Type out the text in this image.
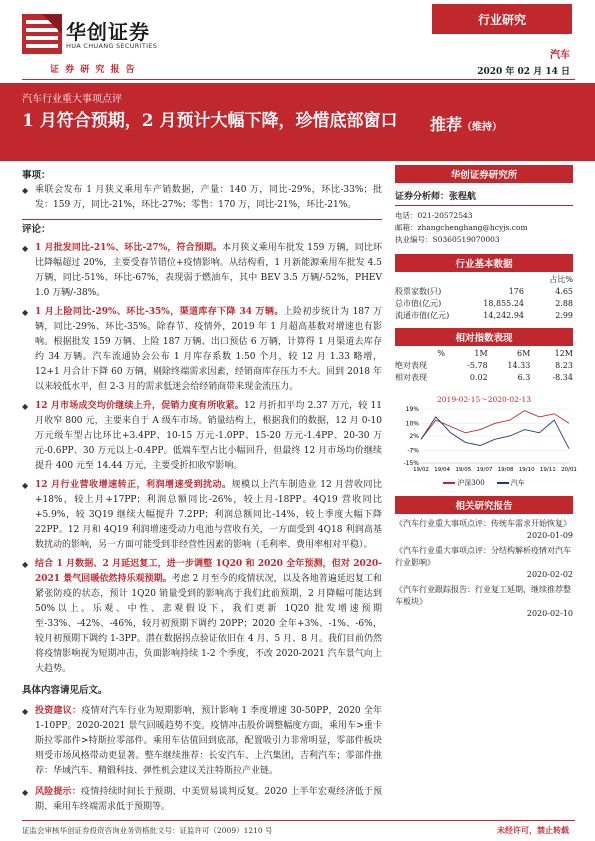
华创证券
HUA CHUANG SECURITIES
证 券 研 究 报 告
行业研究
汽车
2020 年 02 月 14 日
汽车行业重大事项点评
1 月符合预期，2 月预计大幅下降，珍惜底部窗口 推荐（维持）
事项：
◆ 乘联会发布 1 月狭义乘用车产销数据，产量：140 万，同比-29%，环比-33%；批发：159 万，同比-21%，环比-27%；零售：170 万，同比-21%，环比-21%。
评论：
◆ 1 月批发同比-21%、环比-27%，符合预期。本月狭义乘用车批发 159 万辆，同比环比降幅超过 20%，主要受春节错位+疫情影响。从结构看，1 月新能源乘用车批发 4.5 万辆，同比-51%、环比-67%，表现弱于燃油车，其中 BEV 3.5 万辆/-52%，PHEV 1.0 万辆/-38%。
◆ 1 月上险同比-29%、环比-35%，渠道库存下降 34 万辆。上险初步统计为 187 万辆，同比-29%、环比-35%。除春节、疫情外，2019 年 1 月超高基数对增速也有影响。根据批发 159 万辆、上险 187 万辆、出口预估 6 万辆，计算得 1 月渠道去库存约 34 万辆。汽车流通协会公布 1 月库存系数 1.50 个月，较 12 月 1.33 略增，12+1 月合计下降 60 万辆，剔除终端需求因素，经销商库存压力不大。回到 2018 年以来较低水平，但 2-3 月的需求低迷会给经销商带来现金流压力。
◆ 12 月市场成交均价继续上升，促销力度有所收紧。12 月折扣平均 2.37 万元，较 11 月收窄 800 元，主要来自于 A 级车市场。销量结构上，根据我们的数据，12 月 0-10 万元级车型占比环比+3.4PP、10-15 万元-1.0PP、15-20 万元-1.4PP、20-30 万元-0.6PP、30 万元以上-0.4PP。低端车型占比小幅回升，但最终 12 月市场均价继续提升 400 元至 14.44 万元，主要受折扣收窄影响。
◆ 12 月行业营收增速转正，利润增速受到扰动。规模以上汽车制造业 12 月营收同比+18%，较上月+17PP；利润总额同比-26%，较上月-18PP。4Q19 营收同比+5.9%，较 3Q19 继续大幅提升 7.2PP；利润总额同比-14%，较上季度大幅下降 22PP。12 月和 4Q19 利润增速受动力电池与营收有关，一方面受到 4Q18 利润高基数扰动的影响，另一方面可能受到非经营性因素的影响（毛利率、费用率相对平稳）。
◆ 结合 1 月数据、2 月延迟复工，进一步调整 1Q20 和 2020 全年预测，但对 2020-2021 景气回暖依然持乐观预期。考虑 2 月至今的疫情状况，以及各地普遍延迟复工和紧张防疫的状态，预计 1Q20 销量受到的影响高于我们此前预期，2 月降幅可能达到 50%以上。乐观、中性、悲观假设下，我们更新 1Q20 批发增速预期至-33%、-42%、-46%，较月初预期下调约 20PP；2020 全年+3%、-1%、-6%，较月初预期下调约 1-3PP。潜在数据拐点验证依旧在 4 月、5 月、8 月。我们目前仍然将疫情影响视为短期冲击，负面影响持续 1-2 个季度，不改 2020-2021 汽车景气向上大趋势。
具体内容请见后文。
◆ 投资建议：疫情对汽车行业为短期影响，预计影响 1 季度增速 30-50PP，2020 全年 1-10PP。2020-2021 景气回暖趋势不变。疫情冲击股价调整幅度方面，乘用车>重卡斯拉零部件>特斯拉零部件。乘用车估值回到底部，配置吸引力非常明显，零部件板块则受市场风格带动更显著。整车继续推荐：长安汽车、上汽集团，吉利汽车；零部件推荐：华域汽车、精锻科技、弹性机会建议关注特斯拉产业链。
◆ 风险提示：疫情持续时间长于预期、中美贸易谈判反复。2020 上半年宏观经济低于预期、乘用车终端需求低于预期等。
华创证券研究所
证券分析师：张程航
电话：021-20572543
邮箱：zhangchenghang@hcyjs.com
执业编号：S0360519070003
行业基本数据
占比%
股票家数(只)	176	4.65
总市值(亿元)	18,855.24	2.88
流通市值(亿元)	14,242.94	2.99
相对指数表现
%	1M	6M	12M
绝对表现	-5.78	14.33	8.23
相对表现	0.02	6.3	-8.34
2019-02-15～2020-02-13
-15%
-7%
2%
10%
19%
19/02 19/04 19/05 19/07 19/08 19/10 19/11 20/01
沪深300	汽车
相关研究报告
《汽车行业重大事项点评：传统车需求开始恢复》
2020-01-09
《汽车行业重大事项点评：分结构解析疫情对汽车行业影响》
2020-02-02
《汽车行业跟踪报告：行业复工延期，继续推荐整车板块》
2020-02-10
证监会审核华创证券投资咨询业务资格批文号：证监许可（2009）1210 号	未经许可，禁止转载
